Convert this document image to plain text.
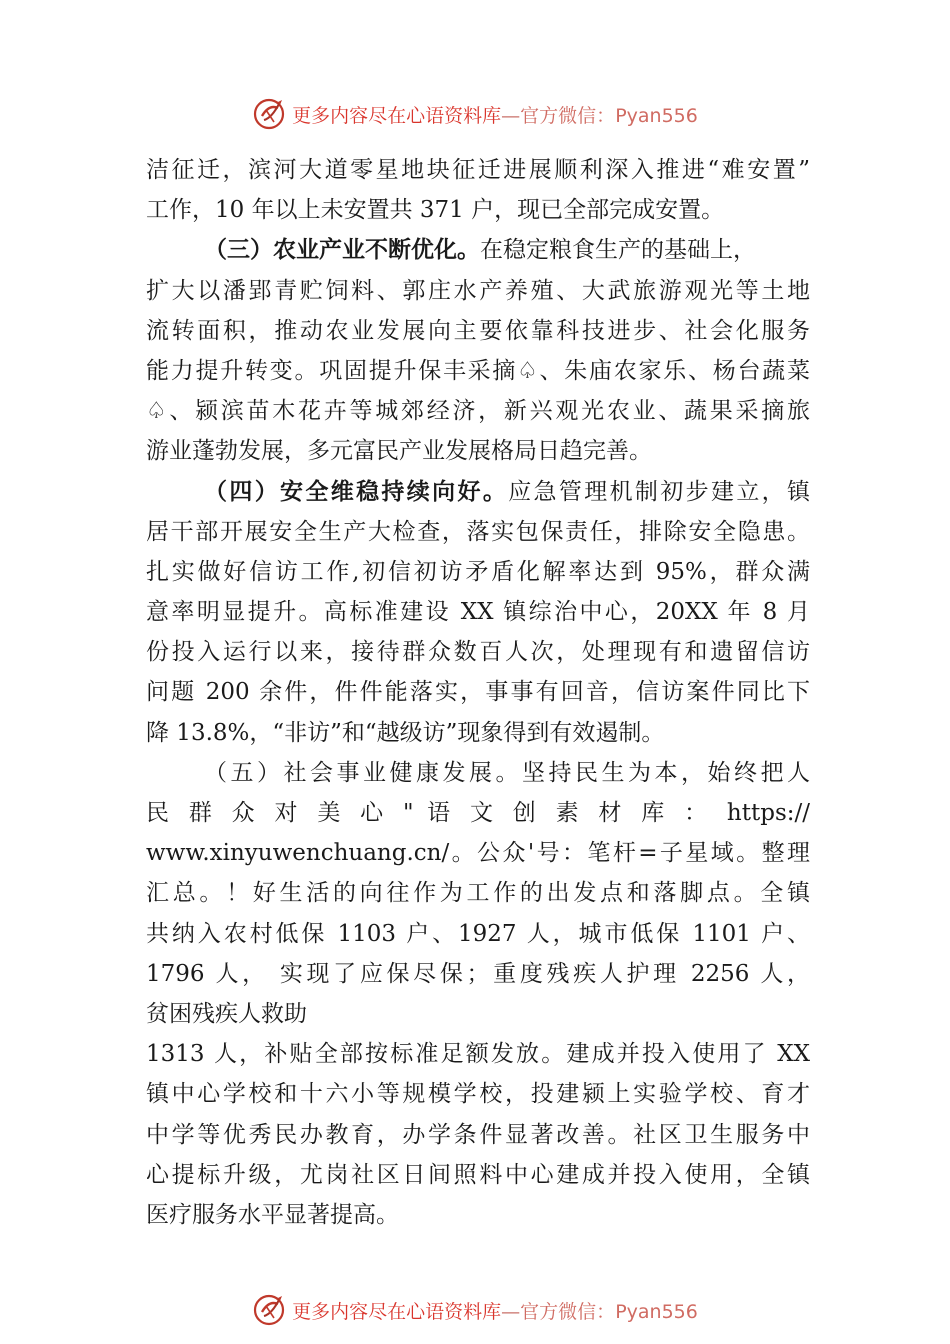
更多内容尽在心语资料库—官方微信：Pyan556
洁征迁，滨河大道零星地块征迁进展顺利深入推进“难安置”
工作，10 年以上未安置共 371 户，现已全部完成安置。
（三）农业产业不断优化。在稳定粮食生产的基础上，
扩大以潘郢青贮饲料、郭庄水产养殖、大武旅游观光等土地
流转面积，推动农业发展向主要依靠科技进步、社会化服务
能力提升转变。巩固提升保丰采摘♤、朱庙农家乐、杨台蔬菜
♤、颍滨苗木花卉等城郊经济，新兴观光农业、蔬果采摘旅
游业蓬勃发展，多元富民产业发展格局日趋完善。
（四）安全维稳持续向好。应急管理机制初步建立，镇
居干部开展安全生产大检查，落实包保责任，排除安全隐患。
扎实做好信访工作,初信初访矛盾化解率达到 95%，群众满
意率明显提升。高标准建设 XX 镇综治中心，20XX 年 8 月
份投入运行以来，接待群众数百人次，处理现有和遗留信访
问题 200 余件，件件能落实，事事有回音，信访案件同比下
降 13.8%，“非访”和“越级访”现象得到有效遏制。
（五）社会事业健康发展。坚持民生为本，始终把人
民 群 众 对 美 心 " 语 文 创 素 材 库 ： https://
www.xinyuwenchuang.cn/。公众'号：笔杆=子星域。整理
汇总。！好生活的向往作为工作的出发点和落脚点。全镇
共纳入农村低保 1103 户、1927 人，城市低保 1101 户、
1796 人， 实现了应保尽保；重度残疾人护理 2256 人，
贫困残疾人救助
1313 人，补贴全部按标准足额发放。建成并投入使用了 XX
镇中心学校和十六小等规模学校，投建颍上实验学校、育才
中学等优秀民办教育，办学条件显著改善。社区卫生服务中
心提标升级，尤岗社区日间照料中心建成并投入使用，全镇
医疗服务水平显著提高。
更多内容尽在心语资料库—官方微信：Pyan556
